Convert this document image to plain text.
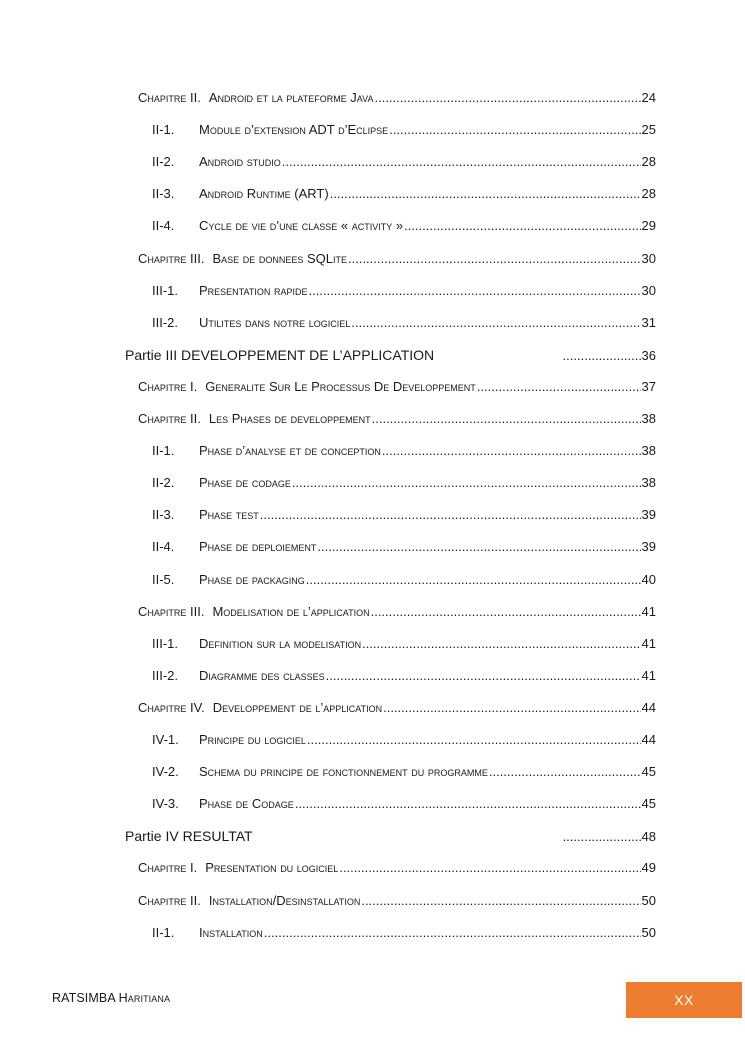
Chapitre II. Android et la plateforme Java .....	24
II-1.	Module d’extension ADT d’Eclipse .....	25
II-2.	Android studio .....	28
II-3.	Android Runtime (ART) .....	28
II-4.	Cycle de vie d’une classe « activity » .....	29
Chapitre III. Base de donnees SQLite .....	30
III-1.	Presentation rapide .....	30
III-2.	Utilites dans notre logiciel .....	31
Partie III DEVELOPPEMENT DE L’APPLICATION .....	36
Chapitre I. Generalite Sur Le Processus De Developpement .....	37
Chapitre II. Les Phases de developpement .....	38
II-1.	Phase d’analyse et de conception .....	38
II-2.	Phase de codage .....	38
II-3.	Phase test .....	39
II-4.	Phase de deploiement .....	39
II-5.	Phase de packaging .....	40
Chapitre III. Modelisation de l’application .....	41
III-1.	Definition sur la modelisation .....	41
III-2.	Diagramme des classes .....	41
Chapitre IV. Developpement de l’application .....	44
IV-1.	Principe du logiciel .....	44
IV-2.	Schema du principe de fonctionnement du programme .....	45
IV-3.	Phase de Codage .....	45
Partie IV RESULTAT .....	48
Chapitre I. Presentation du logiciel .....	49
Chapitre II. Installation/Desinstallation .....	50
II-1.	Installation .....	50
RATSIMBA Haritiana	XX
